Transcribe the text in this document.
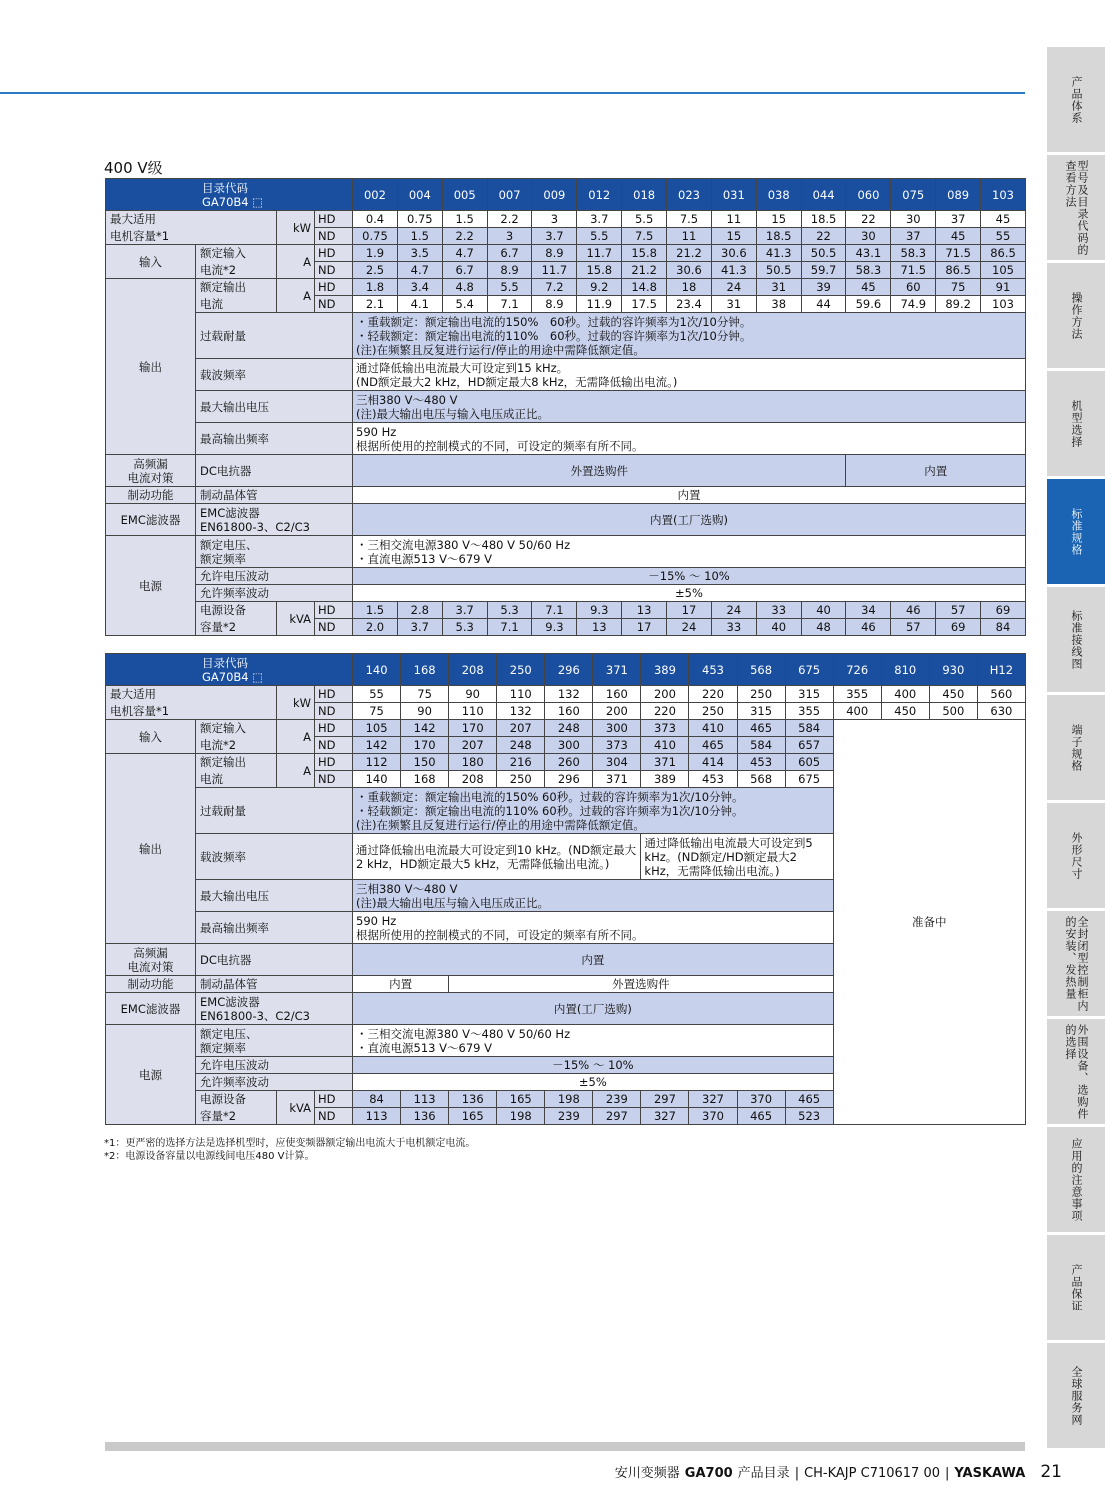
400 V级
目录代码
GA70B4 ⬚				002	004	005	007	009	012	018	023	031	038	044	060	075	089	103
最大适用		kW	HD	0.4	0.75	1.5	2.2	3	3.7	5.5	7.5	11	15	18.5	22	30	37	45
电机容量*1			ND	0.75	1.5	2.2	3	3.7	5.5	7.5	11	15	18.5	22	30	37	45	55
输入	额定输入	A	HD	1.9	3.5	4.7	6.7	8.9	11.7	15.8	21.2	30.6	41.3	50.5	43.1	58.3	71.5	86.5
	电流*2		ND	2.5	4.7	6.7	8.9	11.7	15.8	21.2	30.6	41.3	50.5	59.7	58.3	71.5	86.5	105
输出	额定输出	A	HD	1.8	3.4	4.8	5.5	7.2	9.2	14.8	18	24	31	39	45	60	75	91
	电流		ND	2.1	4.1	5.4	7.1	8.9	11.9	17.5	23.4	31	38	44	59.6	74.9	89.2	103
	过载耐量			・重载额定：额定输出电流的150%　60秒。过载的容许频率为1次/10分钟。
・轻载额定：额定输出电流的110%　60秒。过载的容许频率为1次/10分钟。
(注)在频繁且反复进行运行/停止的用途中需降低额定值。														
	载波频率			通过降低输出电流最大可设定到15 kHz。
(ND额定最大2 kHz，HD额定最大8 kHz，无需降低输出电流。)														
	最大输出电压			三相380 V～480 V
(注)最大输出电压与输入电压成正比。														
	最高输出频率			590 Hz
根据所使用的控制模式的不同，可设定的频率有所不同。														
高频漏
电流对策	DC电抗器			外置选购件											内置			
制动功能	制动晶体管			内置														
EMC滤波器	EMC滤波器
EN61800-3、C2/C3			内置(工厂选购)														
电源	额定电压、
额定频率			・三相交流电源380 V～480 V 50/60 Hz
・直流电源513 V～679 V														
	允许电压波动			－15% ～ 10%														
	允许频率波动			±5%														
	电源设备	kVA	HD	1.5	2.8	3.7	5.3	7.1	9.3	13	17	24	33	40	34	46	57	69
	容量*2		ND	2.0	3.7	5.3	7.1	9.3	13	17	24	33	40	48	46	57	69	84
目录代码
GA70B4 ⬚				140	168	208	250	296	371	389	453	568	675	726	810	930	H12
最大适用		kW	HD	55	75	90	110	132	160	200	220	250	315	355	400	450	560
电机容量*1			ND	75	90	110	132	160	200	220	250	315	355	400	450	500	630
输入	额定输入	A	HD	105	142	170	207	248	300	373	410	465	584	准备中			
	电流*2		ND	142	170	207	248	300	373	410	465	584	657				
输出	额定输出	A	HD	112	150	180	216	260	304	371	414	453	605				
	电流		ND	140	168	208	250	296	371	389	453	568	675				
	过载耐量			・重载额定：额定输出电流的150% 60秒。过载的容许频率为1次/10分钟。
・轻载额定：额定输出电流的110% 60秒。过载的容许频率为1次/10分钟。
(注)在频繁且反复进行运行/停止的用途中需降低额定值。													
	载波频率			通过降低输出电流最大可设定到10 kHz。(ND额定最大2 kHz，HD额定最大5 kHz，无需降低输出电流。)						通过降低输出电流最大可设定到5 kHz。(ND额定/HD额定最大2 kHz，无需降低输出电流。)							
	最大输出电压			三相380 V～480 V
(注)最大输出电压与输入电压成正比。													
	最高输出频率			590 Hz
根据所使用的控制模式的不同，可设定的频率有所不同。													
高频漏
电流对策	DC电抗器			内置													
制动功能	制动晶体管			内置		外置选购件											
EMC滤波器	EMC滤波器
EN61800-3、C2/C3			内置(工厂选购)													
电源	额定电压、
额定频率			・三相交流电源380 V～480 V 50/60 Hz
・直流电源513 V～679 V													
	允许电压波动			－15% ～ 10%													
	允许频率波动			±5%													
	电源设备	kVA	HD	84	113	136	165	198	239	297	327	370	465				
	容量*2		ND	113	136	165	198	239	297	327	370	465	523				
*1：更严密的选择方法是选择机型时，应使变频器额定输出电流大于电机额定电流。
*2：电源设备容量以电源线间电压480 V计算。
产品体系
型号及目录代码的查看方法
操作方法
机型选择
标准规格
标准接线图
端子规格
外形尺寸
全封闭型控制柜内的安装、发热量
外围设备、选购件的选择
应用的注意事项
产品保证
全球服务网
安川变频器 GA700 产品目录 | CH-KAJP C710617 00 | YASKAWA 21
